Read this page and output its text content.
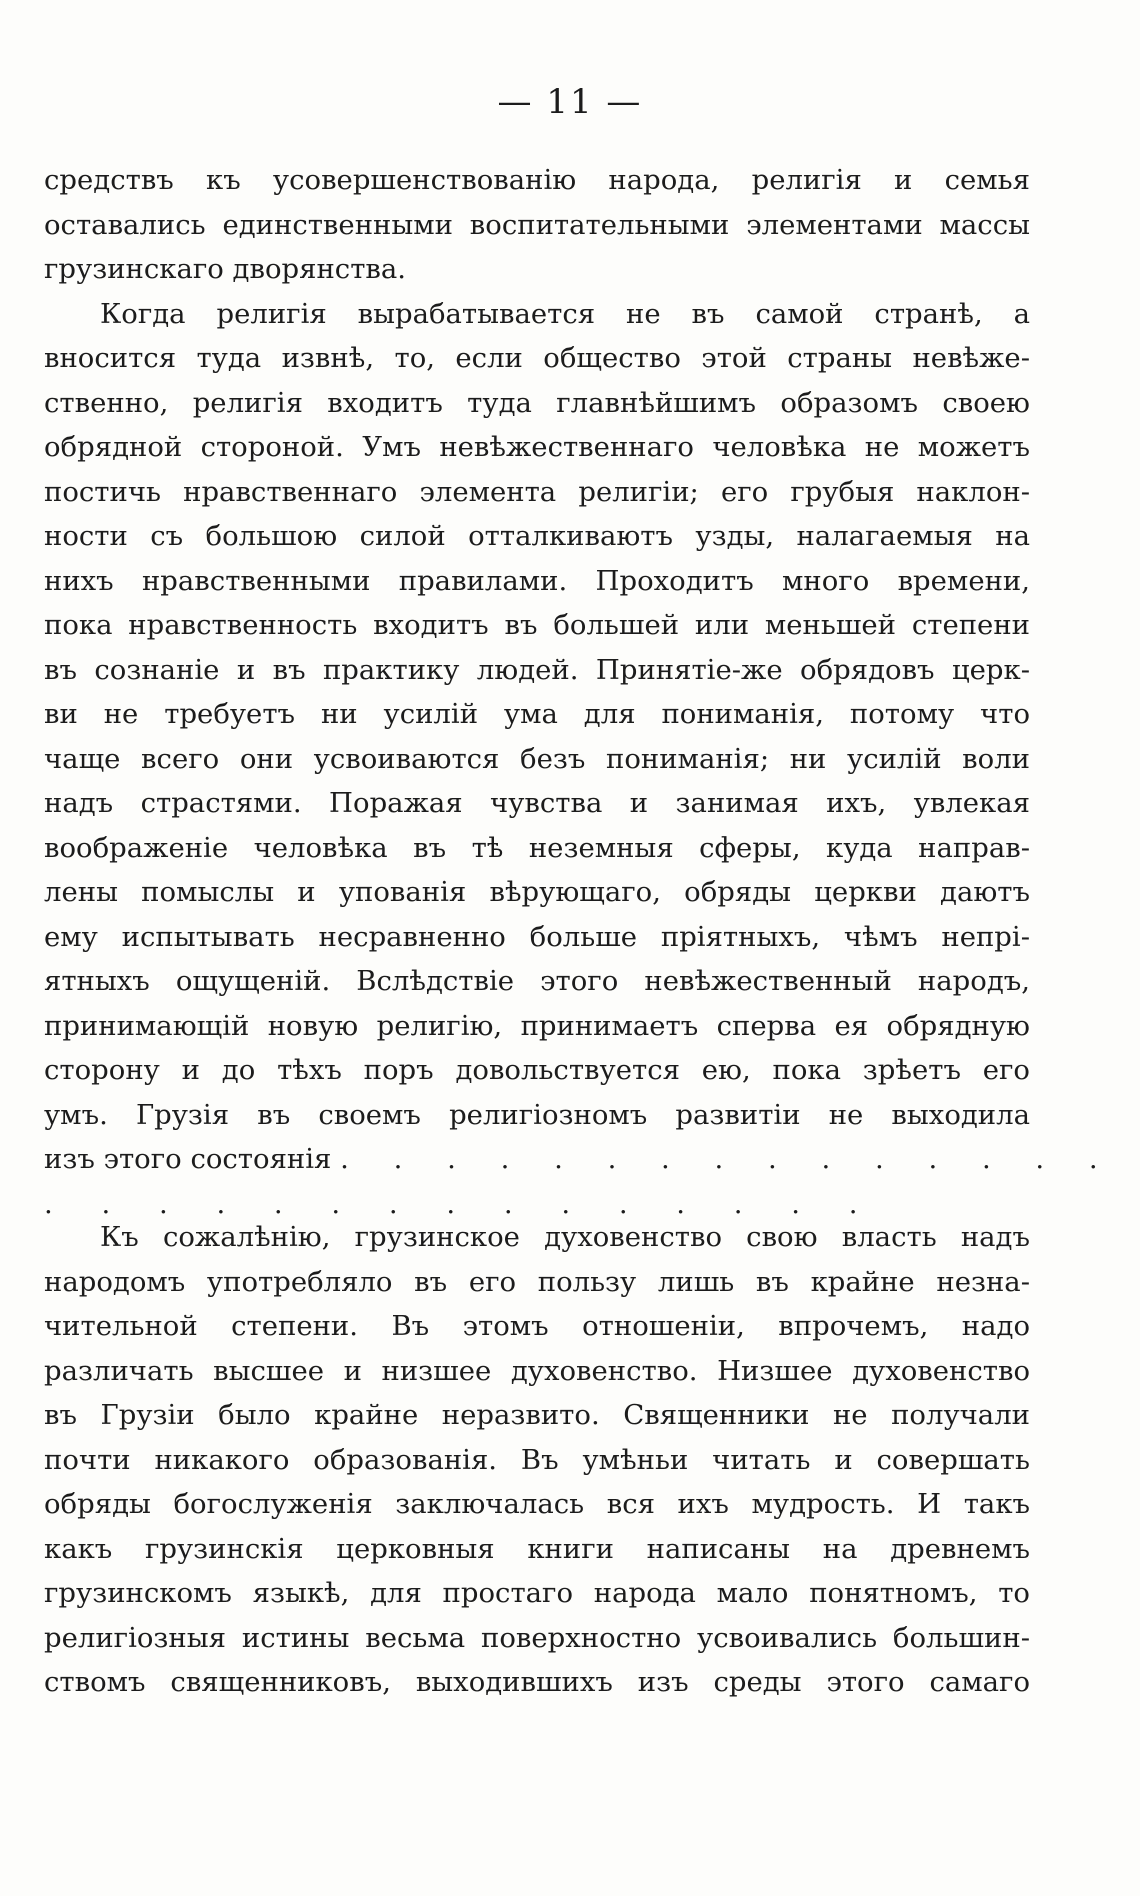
— 11 —
средствъ къ усовершенствованію народа, религія и семья
оставались единственными воспитательными элементами массы
грузинскаго дворянства.
Когда религія вырабатывается не въ самой странѣ, а
вносится туда извнѣ, то, если общество этой страны невѣже-
ственно, религія входитъ туда главнѣйшимъ образомъ своею
обрядной стороной. Умъ невѣжественнаго человѣка не можетъ
постичь нравственнаго элемента религіи; его грубыя наклон-
ности съ большою силой отталкиваютъ узды, налагаемыя на
нихъ нравственными правилами. Проходитъ много времени,
пока нравственность входитъ въ большей или меньшей степени
въ сознаніе и въ практику людей. Принятіе-же обрядовъ церк-
ви не требуетъ ни усилій ума для пониманія, потому что
чаще всего они усвоиваются безъ пониманія; ни усилій воли
надъ страстями. Поражая чувства и занимая ихъ, увлекая
воображеніе человѣка въ тѣ неземныя сферы, куда направ-
лены помыслы и упованія вѣрующаго, обряды церкви даютъ
ему испытывать несравненно больше пріятныхъ, чѣмъ непрі-
ятныхъ ощущеній. Вслѣдствіе этого невѣжественный народъ,
принимающій новую религію, принимаетъ сперва ея обрядную
сторону и до тѣхъ поръ довольствуется ею, пока зрѣетъ его
умъ. Грузія въ своемъ религіозномъ развитіи не выходила
изъ этого состоянія . . . . . . . . . . . . . . .
. . . . . . . . . . . . . . .
Къ сожалѣнію, грузинское духовенство свою власть надъ
народомъ употребляло въ его пользу лишь въ крайне незна-
чительной степени. Въ этомъ отношеніи, впрочемъ, надо
различать высшее и низшее духовенство. Низшее духовенство
въ Грузіи было крайне неразвито. Священники не получали
почти никакого образованія. Въ умѣньи читать и совершать
обряды богослуженія заключалась вся ихъ мудрость. И такъ
какъ грузинскія церковныя книги написаны на древнемъ
грузинскомъ языкѣ, для простаго народа мало понятномъ, то
религіозныя истины весьма поверхностно усвоивались большин-
ствомъ священниковъ, выходившихъ изъ среды этого самаго
